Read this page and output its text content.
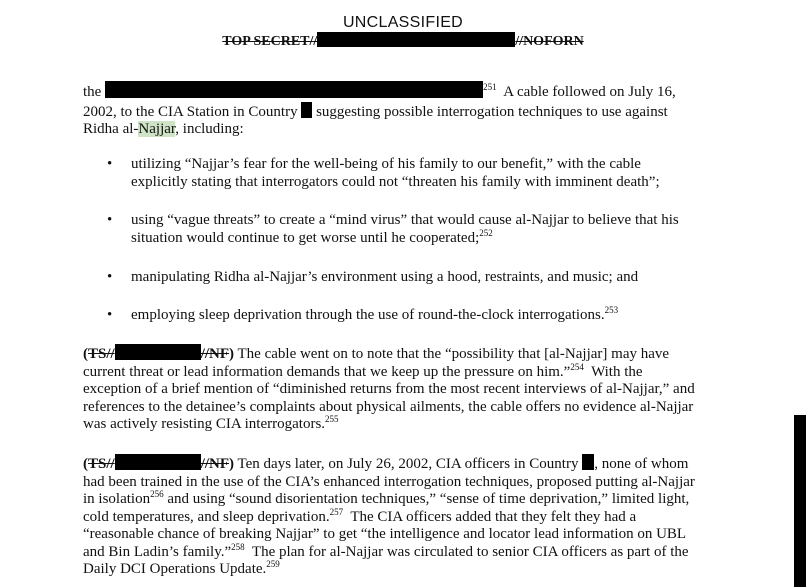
UNCLASSIFIED
TOP SECRET//	//NOFORN
the	$^{251}$ A cable followed on July 16, 2002, to the CIA Station in Country suggesting possible interrogation techniques to use against Ridha al-Najjar, including:
• utilizing “Najjar’s fear for the well-being of his family to our benefit,” with the cable explicitly stating that interrogators could not “threaten his family with imminent death”;
• using “vague threats” to create a “mind virus” that would cause al-Najjar to believe that his situation would continue to get worse until he cooperated;$^{252}$
• manipulating Ridha al-Najjar’s environment using a hood, restraints, and music; and
• employing sleep deprivation through the use of round-the-clock interrogations.$^{253}$
(TS//	//NF) The cable went on to note that the “possibility that [al-Najjar] may have current threat or lead information demands that we keep up the pressure on him.”$^{254}$ With the exception of a brief mention of “diminished returns from the most recent interviews of al-Najjar,” and references to the detainee’s complaints about physical ailments, the cable offers no evidence al-Najjar was actively resisting CIA interrogators.$^{255}$
(TS//	//NF) Ten days later, on July 26, 2002, CIA officers in Country , none of whom had been trained in the use of the CIA’s enhanced interrogation techniques, proposed putting al-Najjar in isolation$^{256}$ and using “sound disorientation techniques,” “sense of time deprivation,” limited light, cold temperatures, and sleep deprivation.$^{257}$ The CIA officers added that they felt they had a “reasonable chance of breaking Najjar” to get “the intelligence and locator lead information on UBL and Bin Ladin’s family.”$^{258}$ The plan for al-Najjar was circulated to senior CIA officers as part of the Daily DCI Operations Update.$^{259}$
